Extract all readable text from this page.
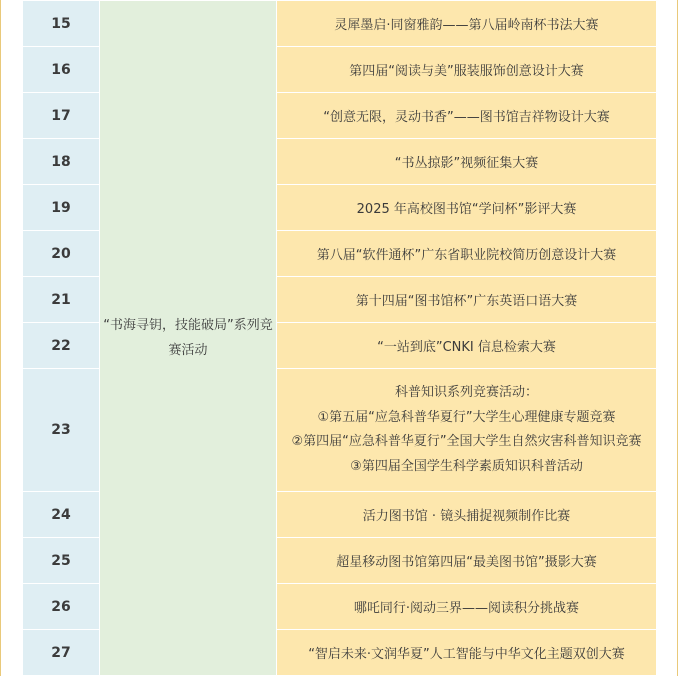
15	“书海寻钥，技能破局”系列竞赛活动	灵犀墨启·同窗雅韵——第八届岭南杯书法大赛
16		第四届“阅读与美”服装服饰创意设计大赛
17		“创意无限，灵动书香”——图书馆吉祥物设计大赛
18		“书丛掠影”视频征集大赛
19		2025 年高校图书馆“学问杯”影评大赛
20		第八届“软件通杯”广东省职业院校简历创意设计大赛
21		第十四届“图书馆杯”广东英语口语大赛
22		“一站到底”CNKI 信息检索大赛
23		科普知识系列竞赛活动：
①第五届“应急科普华夏行”大学生心理健康专题竞赛
②第四届“应急科普华夏行”全国大学生自然灾害科普知识竞赛
③第四届全国学生科学素质知识科普活动

24		活力图书馆 · 镜头捕捉视频制作比赛
25		超星移动图书馆第四届“最美图书馆”摄影大赛
26		哪吒同行·阅动三界——阅读积分挑战赛
27		“智启未来·文润华夏”人工智能与中华文化主题双创大赛
